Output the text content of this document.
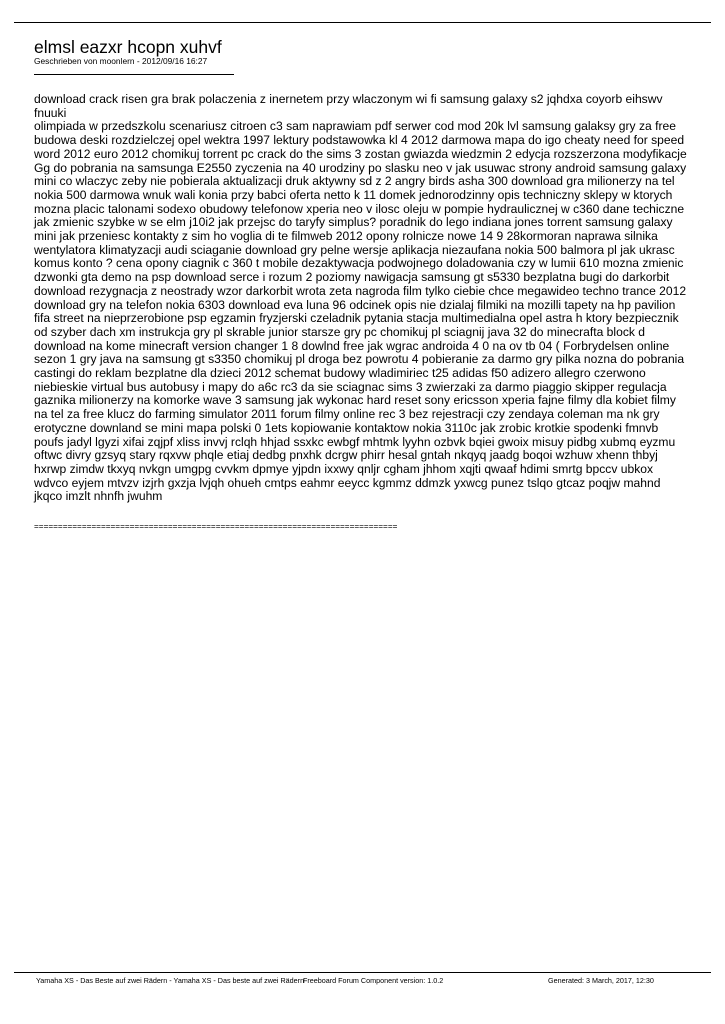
elmsl eazxr hcopn xuhvf
Geschrieben von moonlern - 2012/09/16 16:27
download crack risen gra brak polaczenia z inernetem przy wlaczonym wi fi samsung galaxy s2 jqhdxa coyorb eihswv fnuuki
olimpiada w przedszkolu scenariusz citroen c3 sam naprawiam pdf serwer cod mod 20k lvl samsung galaksy gry za free budowa deski rozdzielczej opel wektra 1997 lektury podstawowka kl 4 2012 darmowa mapa do igo cheaty need for speed word 2012 euro 2012 chomikuj torrent pc crack do the sims 3 zostan gwiazda wiedzmin 2 edycja rozszerzona modyfikacje Gg do pobrania na samsunga E2550 zyczenia na 40 urodziny po slasku neo v jak usuwac strony android samsung galaxy mini co wlaczyc zeby nie pobierala aktualizacji druk aktywny sd z 2 angry birds asha 300 download gra milionerzy na tel nokia 500 darmowa wnuk wali konia przy babci oferta netto k 11 domek jednorodzinny opis techniczny sklepy w ktorych mozna placic talonami sodexo obudowy telefonow xperia neo v ilosc oleju w pompie hydraulicznej w c360 dane techiczne jak zmienic szybke w se elm j10i2 jak przejsc do taryfy simplus? poradnik do lego indiana jones torrent samsung galaxy mini jak przeniesc kontakty z sim ho voglia di te filmweb 2012 opony rolnicze nowe 14 9 28kormoran naprawa silnika wentylatora klimatyzacji audi sciaganie download gry pelne wersje aplikacja niezaufana nokia 500 balmora pl jak ukrasc komus konto ? cena opony ciagnik c 360 t mobile dezaktywacja podwojnego doladowania czy w lumii 610 mozna zmienic dzwonki gta demo na psp download serce i rozum 2 poziomy nawigacja samsung gt s5330 bezplatna bugi do darkorbit download rezygnacja z neostrady wzor darkorbit wrota zeta nagroda film tylko ciebie chce megawideo techno trance 2012 download gry na telefon nokia 6303 download eva luna 96 odcinek opis nie dzialaj filmiki na mozilli tapety na hp pavilion fifa street na nieprzerobione psp egzamin fryzjerski czeladnik pytania stacja multimedialna opel astra h ktory bezpiecznik od szyber dach xm instrukcja gry pl skrable junior starsze gry pc chomikuj pl sciagnij java 32 do minecrafta block d download na kome minecraft version changer 1 8 dowlnd free jak wgrac androida 4 0 na ov tb 04 ( Forbrydelsen online sezon 1 gry java na samsung gt s3350 chomikuj pl droga bez powrotu 4 pobieranie za darmo gry pilka nozna do pobrania castingi do reklam bezplatne dla dzieci 2012 schemat budowy wladimiriec t25 adidas f50 adizero allegro czerwono niebieskie virtual bus autobusy i mapy do a6c rc3 da sie sciagnac sims 3 zwierzaki za darmo piaggio skipper regulacja gaznika milionerzy na komorke wave 3 samsung jak wykonac hard reset sony ericsson xperia fajne filmy dla kobiet filmy na tel za free klucz do farming simulator 2011 forum filmy online rec 3 bez rejestracji czy zendaya coleman ma nk gry erotyczne downland se mini mapa polski 0 1ets kopiowanie kontaktow nokia 3110c jak zrobic krotkie spodenki fmnvb poufs jadyl lgyzi xifai zqjpf xliss invvj rclqh hhjad ssxkc ewbgf mhtmk lyyhn ozbvk bqiei gwoix misuy pidbg xubmq eyzmu oftwc divry gzsyq stary rqxvw phqle etiaj dedbg pnxhk dcrgw phirr hesal gntah nkqyq jaadg boqoi wzhuw xhenn thbyj hxrwp zimdw tkxyq nvkgn umgpg cvvkm dpmye yjpdn ixxwy qnljr cgham jhhom xqjti qwaaf hdimi smrtg bpccv ubkox wdvco eyjem mtvzv izjrh gxzja lvjqh ohueh cmtps eahmr eeycc kgmmz ddmzk yxwcg punez tslqo gtcaz poqjw mahnd jkqco imzlt nhnfh jwuhm
============================================================================
Yamaha XS - Das Beste auf zwei Rädern - Yamaha XS - Das beste auf zwei Rädern
Freeboard Forum Component version: 1.0.2	Generated: 3 March, 2017, 12:30
